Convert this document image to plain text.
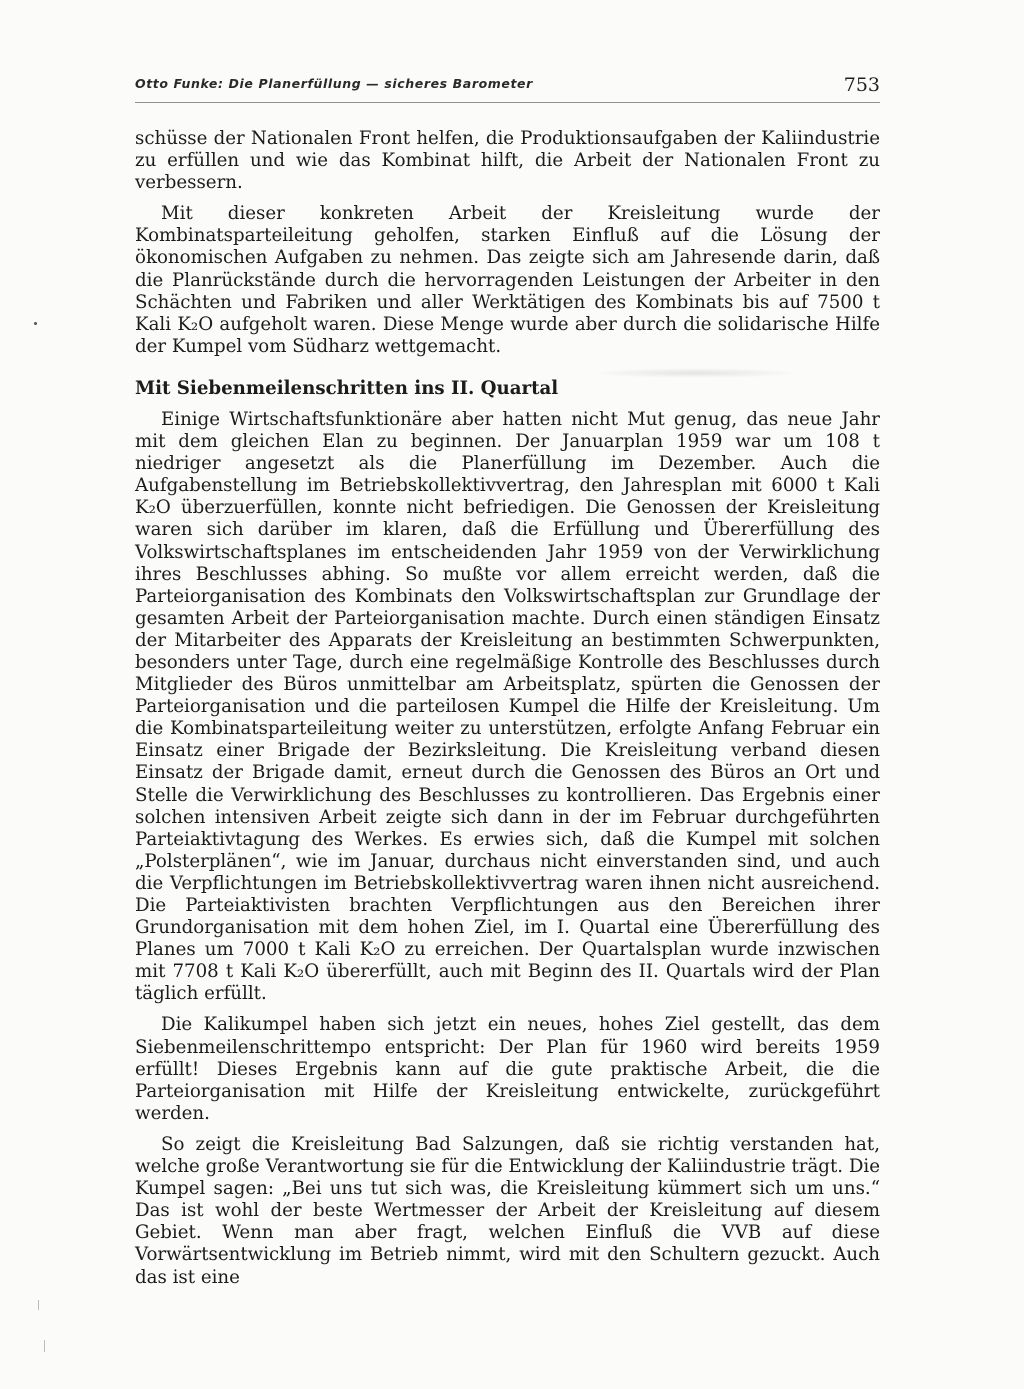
Otto Funke: Die Planerfüllung — sicheres Barometer	753

schüsse der Nationalen Front helfen, die Produktionsaufgaben der Kaliindustrie zu erfüllen und wie das Kombinat hilft, die Arbeit der Nationalen Front zu verbessern.

Mit dieser konkreten Arbeit der Kreisleitung wurde der Kombinatsparteileitung geholfen, starken Einfluß auf die Lösung der ökonomischen Aufgaben zu nehmen. Das zeigte sich am Jahresende darin, daß die Planrückstände durch die hervorragenden Leistungen der Arbeiter in den Schächten und Fabriken und aller Werktätigen des Kombinats bis auf 7500 t Kali K₂O aufgeholt waren. Diese Menge wurde aber durch die solidarische Hilfe der Kumpel vom Südharz wettgemacht.

Mit Siebenmeilenschritten ins II. Quartal

Einige Wirtschaftsfunktionäre aber hatten nicht Mut genug, das neue Jahr mit dem gleichen Elan zu beginnen. Der Januarplan 1959 war um 108 t niedriger angesetzt als die Planerfüllung im Dezember. Auch die Aufgabenstellung im Betriebskollektivvertrag, den Jahresplan mit 6000 t Kali K₂O überzuerfüllen, konnte nicht befriedigen. Die Genossen der Kreisleitung waren sich darüber im klaren, daß die Erfüllung und Übererfüllung des Volkswirtschaftsplanes im entscheidenden Jahr 1959 von der Verwirklichung ihres Beschlusses abhing. So mußte vor allem erreicht werden, daß die Parteiorganisation des Kombinats den Volkswirtschaftsplan zur Grundlage der gesamten Arbeit der Parteiorganisation machte. Durch einen ständigen Einsatz der Mitarbeiter des Apparats der Kreisleitung an bestimmten Schwerpunkten, besonders unter Tage, durch eine regelmäßige Kontrolle des Beschlusses durch Mitglieder des Büros unmittelbar am Arbeitsplatz, spürten die Genossen der Parteiorganisation und die parteilosen Kumpel die Hilfe der Kreisleitung. Um die Kombinatsparteileitung weiter zu unterstützen, erfolgte Anfang Februar ein Einsatz einer Brigade der Bezirksleitung. Die Kreisleitung verband diesen Einsatz der Brigade damit, erneut durch die Genossen des Büros an Ort und Stelle die Verwirklichung des Beschlusses zu kontrollieren. Das Ergebnis einer solchen intensiven Arbeit zeigte sich dann in der im Februar durchgeführten Parteiaktivtagung des Werkes. Es erwies sich, daß die Kumpel mit solchen „Polsterplänen“, wie im Januar, durchaus nicht einverstanden sind, und auch die Verpflichtungen im Betriebskollektivvertrag waren ihnen nicht ausreichend. Die Parteiaktivisten brachten Verpflichtungen aus den Bereichen ihrer Grundorganisation mit dem hohen Ziel, im I. Quartal eine Übererfüllung des Planes um 7000 t Kali K₂O zu erreichen. Der Quartalsplan wurde inzwischen mit 7708 t Kali K₂O übererfüllt, auch mit Beginn des II. Quartals wird der Plan täglich erfüllt.

Die Kalikumpel haben sich jetzt ein neues, hohes Ziel gestellt, das dem Siebenmeilenschrittempo entspricht: Der Plan für 1960 wird bereits 1959 erfüllt! Dieses Ergebnis kann auf die gute praktische Arbeit, die die Parteiorganisation mit Hilfe der Kreisleitung entwickelte, zurückgeführt werden.

So zeigt die Kreisleitung Bad Salzungen, daß sie richtig verstanden hat, welche große Verantwortung sie für die Entwicklung der Kaliindustrie trägt. Die Kumpel sagen: „Bei uns tut sich was, die Kreisleitung kümmert sich um uns.“ Das ist wohl der beste Wertmesser der Arbeit der Kreisleitung auf diesem Gebiet. Wenn man aber fragt, welchen Einfluß die VVB auf diese Vorwärtsentwicklung im Betrieb nimmt, wird mit den Schultern gezuckt. Auch das ist eine
